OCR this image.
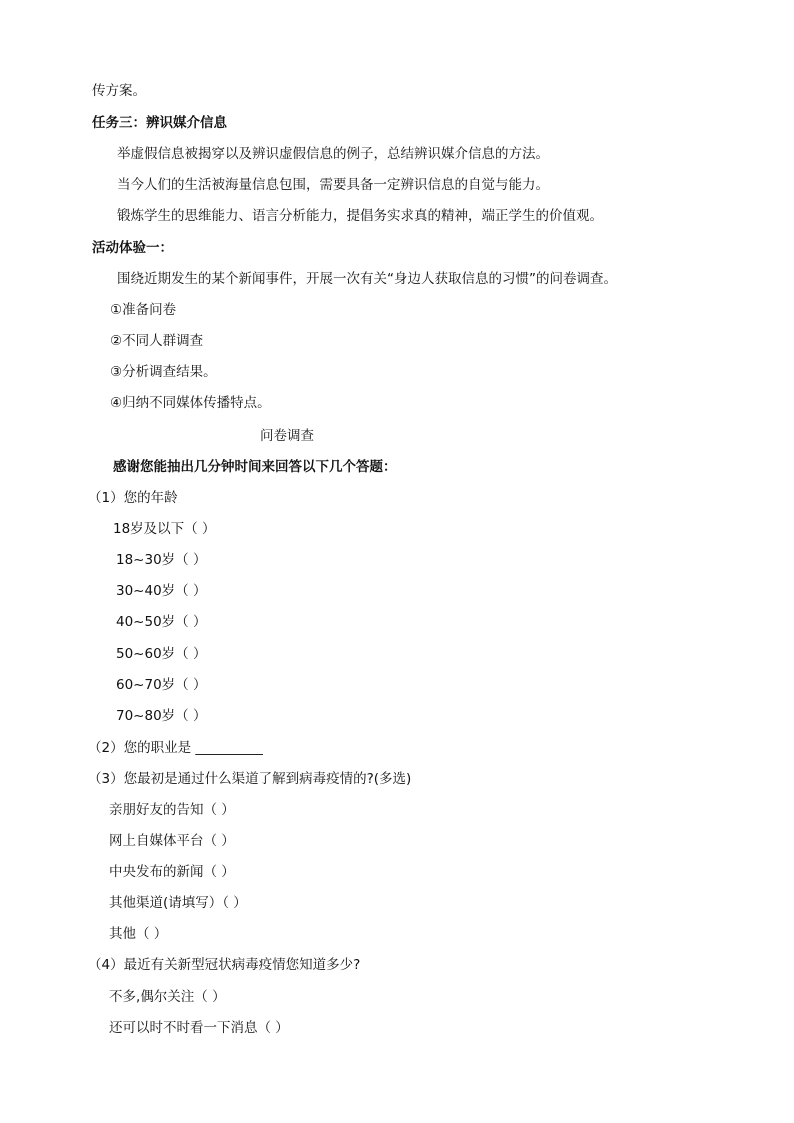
传方案。
任务三：辨识媒介信息
举虚假信息被揭穿以及辨识虚假信息的例子，总结辨识媒介信息的方法。
当今人们的生活被海量信息包围，需要具备一定辨识信息的自觉与能力。
锻炼学生的思维能力、语言分析能力，提倡务实求真的精神，端正学生的价值观。
活动体验一：
围绕近期发生的某个新闻事件，开展一次有关“身边人获取信息的习惯”的问卷调查。
①准备问卷
②不同人群调查
③分析调查结果。
④归纳不同媒体传播特点。
问卷调查
感谢您能抽出几分钟时间来回答以下几个答题：
（1）您的年龄
18岁及以下（ ）
18~30岁（ ）
30~40岁（ ）
40~50岁（ ）
50~60岁（ ）
60~70岁（ ）
70~80岁（ ）
（2）您的职业是 __________
（3）您最初是通过什么渠道了解到病毒疫情的?(多选)
亲朋好友的告知（ ）
网上自媒体平台（ ）
中央发布的新闻（ ）
其他渠道(请填写）（ ）
其他（ ）
（4）最近有关新型冠状病毒疫情您知道多少?
不多,偶尔关注（ ）
还可以时不时看一下消息（ ）
